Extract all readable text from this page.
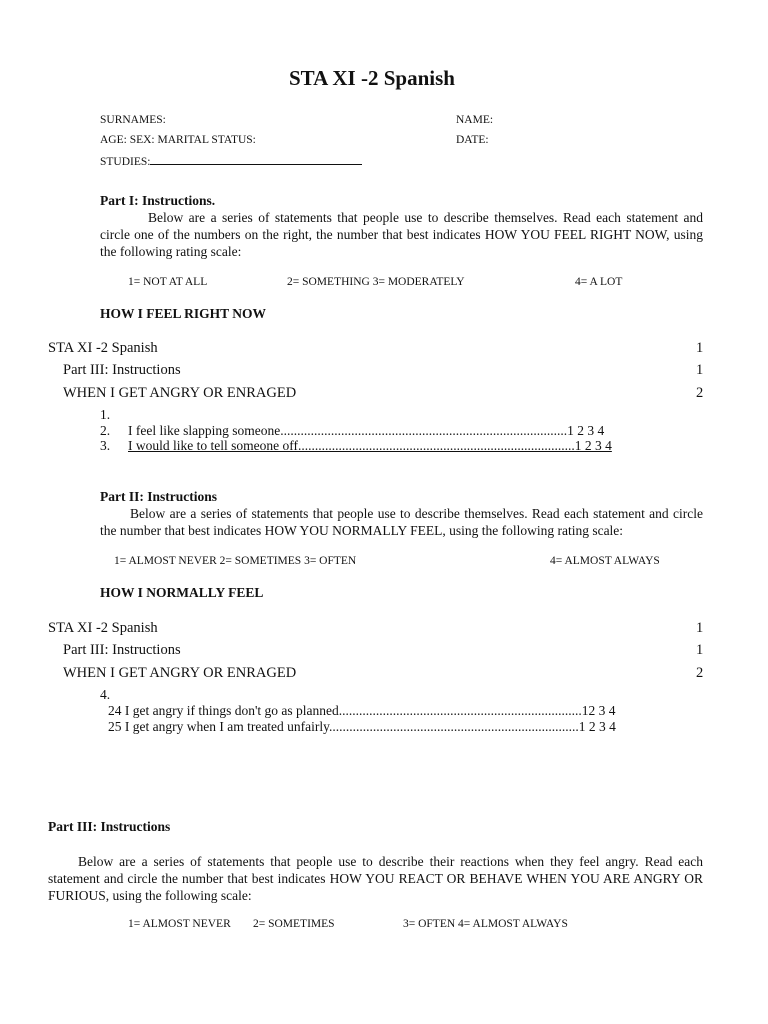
STA XI -2 Spanish
SURNAMES:	NAME:
AGE: SEX: MARITAL STATUS:	DATE:
STUDIES:
Part I: Instructions.
Below are a series of statements that people use to describe themselves. Read each statement and circle one of the numbers on the right, the number that best indicates HOW YOU FEEL RIGHT NOW, using the following rating scale:
1= NOT AT ALL	2= SOMETHING 3= MODERATELY	4= A LOT
HOW I FEEL RIGHT NOW
STA XI -2 Spanish	1
Part III: Instructions	1
WHEN I GET ANGRY OR ENRAGED	2
1.
2. I feel like slapping someone.....................................................................................1 2 3 4
3. I would like to tell someone off..................................................................................1 2 3 4
Part II: Instructions
Below are a series of statements that people use to describe themselves. Read each statement and circle the number that best indicates HOW YOU NORMALLY FEEL, using the following rating scale:
1= ALMOST NEVER 2= SOMETIMES 3= OFTEN	4= ALMOST ALWAYS
HOW I NORMALLY FEEL
STA XI -2 Spanish	1
Part III: Instructions	1
WHEN I GET ANGRY OR ENRAGED	2
4.
24 I get angry if things don't go as planned........................................................................12 3 4
25 I get angry when I am treated unfairly..........................................................................1 2 3 4
Part III: Instructions
Below are a series of statements that people use to describe their reactions when they feel angry. Read each statement and circle the number that best indicates HOW YOU REACT OR BEHAVE WHEN YOU ARE ANGRY OR FURIOUS, using the following scale:
1= ALMOST NEVER 2= SOMETIMES	3= OFTEN 4= ALMOST ALWAYS
